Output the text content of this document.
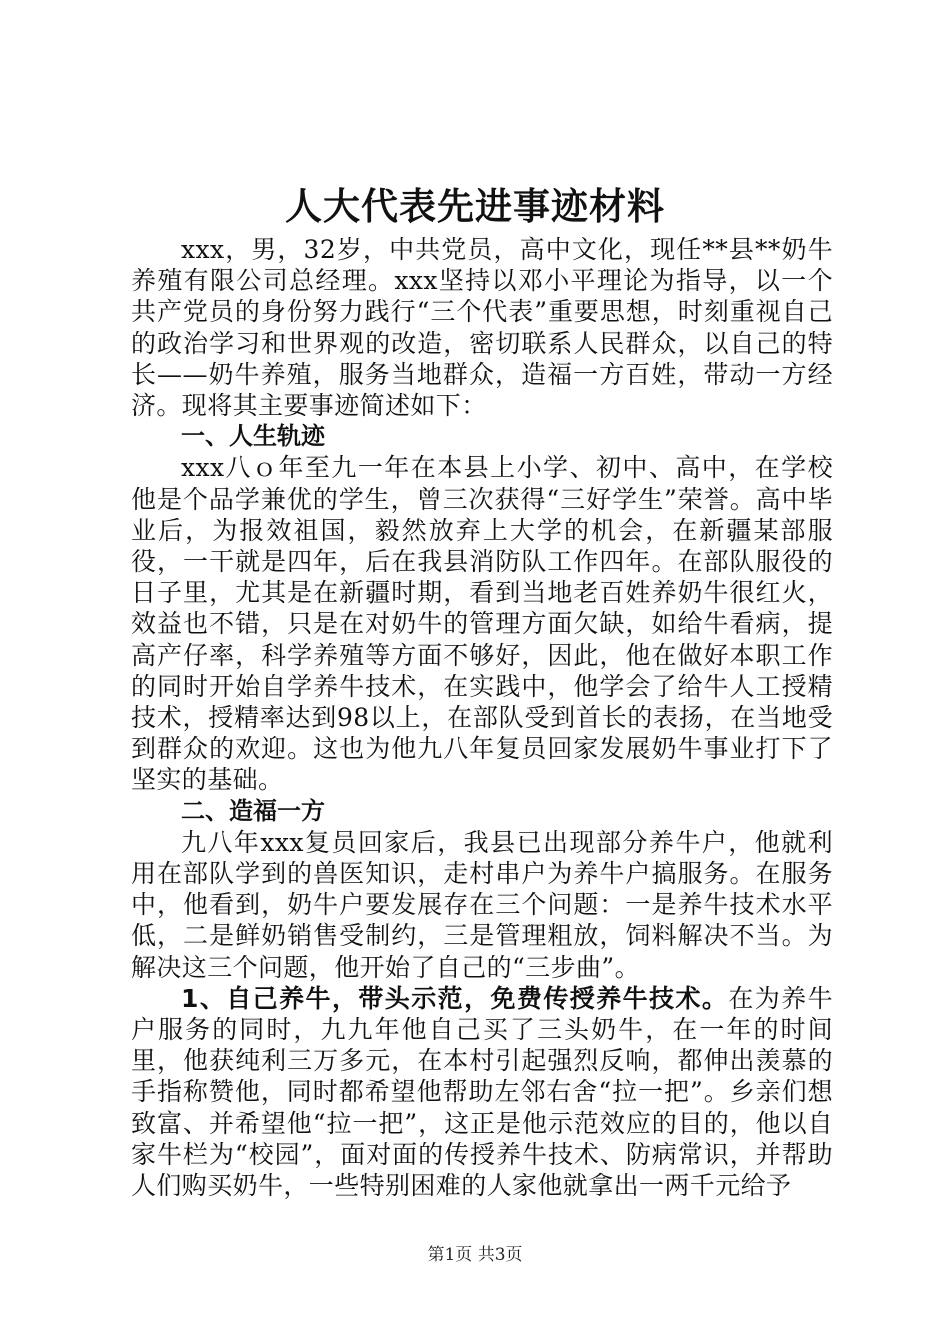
人大代表先进事迹材料

xxx，男，32岁，中共党员，高中文化，现任**县**奶牛养殖有限公司总经理。xxx坚持以邓小平理论为指导，以一个共产党员的身份努力践行“三个代表”重要思想，时刻重视自己的政治学习和世界观的改造，密切联系人民群众，以自己的特长——奶牛养殖，服务当地群众，造福一方百姓，带动一方经济。现将其主要事迹简述如下：

一、人生轨迹

xxx八ｏ年至九一年在本县上小学、初中、高中，在学校他是个品学兼优的学生，曾三次获得“三好学生”荣誉。高中毕业后，为报效祖国，毅然放弃上大学的机会，在新疆某部服役，一干就是四年，后在我县消防队工作四年。在部队服役的日子里，尤其是在新疆时期，看到当地老百姓养奶牛很红火，效益也不错，只是在对奶牛的管理方面欠缺，如给牛看病，提高产仔率，科学养殖等方面不够好，因此，他在做好本职工作的同时开始自学养牛技术，在实践中，他学会了给牛人工授精技术，授精率达到98以上，在部队受到首长的表扬，在当地受到群众的欢迎。这也为他九八年复员回家发展奶牛事业打下了坚实的基础。

二、造福一方

九八年xxx复员回家后，我县已出现部分养牛户，他就利用在部队学到的兽医知识，走村串户为养牛户搞服务。在服务中，他看到，奶牛户要发展存在三个问题：一是养牛技术水平低，二是鲜奶销售受制约，三是管理粗放，饲料解决不当。为解决这三个问题，他开始了自己的“三步曲”。

1、自己养牛，带头示范，免费传授养牛技术。在为养牛户服务的同时，九九年他自己买了三头奶牛，在一年的时间里，他获纯利三万多元，在本村引起强烈反响，都伸出羡慕的手指称赞他，同时都希望他帮助左邻右舍“拉一把”。乡亲们想致富、并希望他“拉一把”，这正是他示范效应的目的，他以自家牛栏为“校园”，面对面的传授养牛技术、防病常识，并帮助人们购买奶牛，一些特别困难的人家他就拿出一两千元给予

第1页 共3页
